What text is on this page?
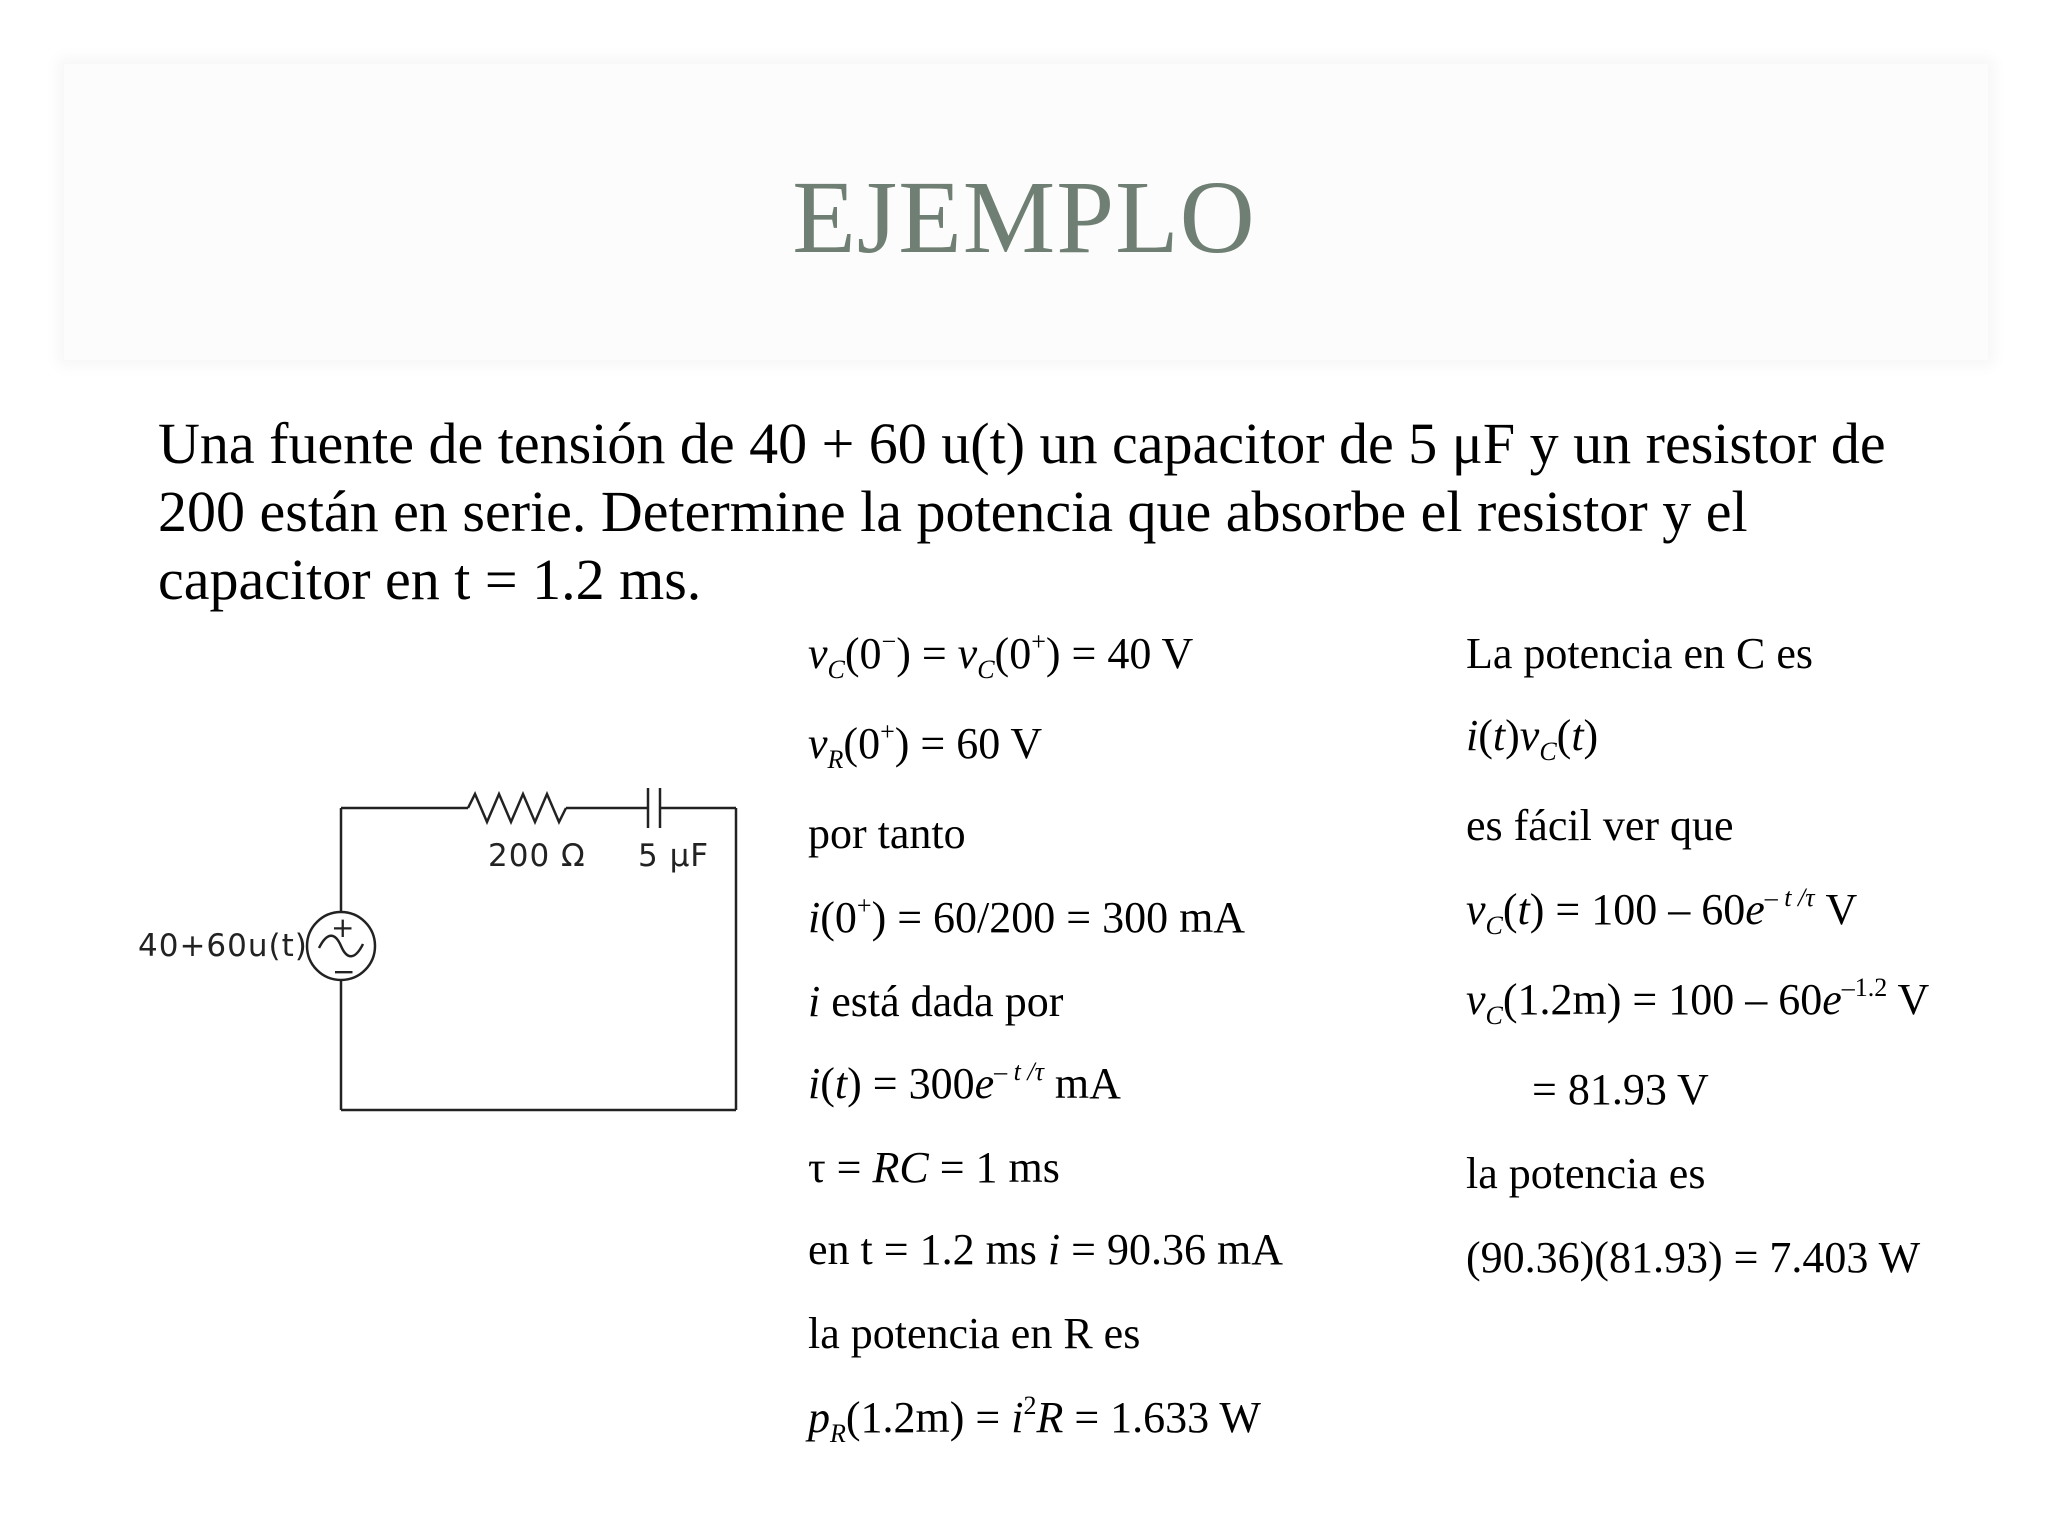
EJEMPLO
Una fuente de tensión de 40 + 60 u(t) un capacitor de 5 μF y un resistor de
200 están en serie. Determine la potencia que absorbe el resistor y el
capacitor en t = 1.2 ms.
+
−
40+60u(t)
200 Ω 5 μF
$v_C(0^-) = v_C(0^+) = 40$ V
$v_R(0^+) = 60$ V
por tanto
i(0+) = 60/200 = 300 mA
i está dada por
$i(t) = 300e^{- t /\tau}$ mA
τ = RC = 1 ms
en t = 1.2 ms i = 90.36 mA
la potencia en R es
$p_R(1.2m) = i^2R = 1.633$ W
La potencia en C es
$i(t)v_C(t)$
es fácil ver que
$v_C(t) = 100 - 60e^{- t /\tau}$ V
$v_C(1.2m) = 100 - 60e^{-1.2}$ V
= 81.93 V
la potencia es
(90.36)(81.93) = 7.403 W
